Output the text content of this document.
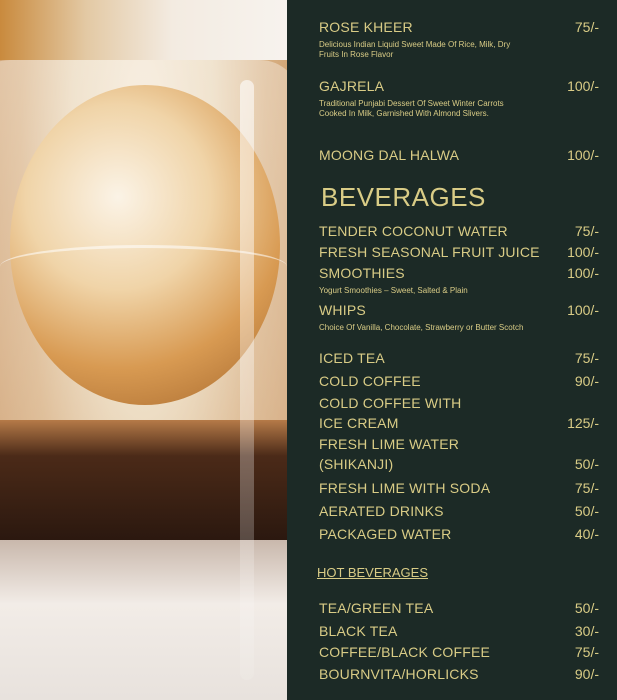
ROSE KHEER	75/-
Delicious Indian Liquid Sweet Made Of Rice, Milk, Dry Fruits In Rose Flavor
GAJRELA	100/-
Traditional Punjabi Dessert Of Sweet Winter Carrots Cooked In Milk, Garnished With Almond Slivers.
MOONG DAL HALWA	100/-
BEVERAGES
TENDER COCONUT WATER	75/-
FRESH SEASONAL FRUIT JUICE	100/-
SMOOTHIES	100/-
Yogurt Smoothies – Sweet, Salted & Plain
WHIPS	100/-
Choice Of Vanilla, Chocolate, Strawberry or Butter Scotch
ICED TEA	75/-
COLD COFFEE	90/-
COLD COFFEE WITH
ICE CREAM	125/-
FRESH LIME WATER
(SHIKANJI)	50/-
FRESH LIME WITH SODA	75/-
AERATED DRINKS	50/-
PACKAGED WATER	40/-
HOT BEVERAGES
TEA/GREEN TEA	50/-
BLACK TEA	30/-
COFFEE/BLACK COFFEE	75/-
BOURNVITA/HORLICKS	90/-
